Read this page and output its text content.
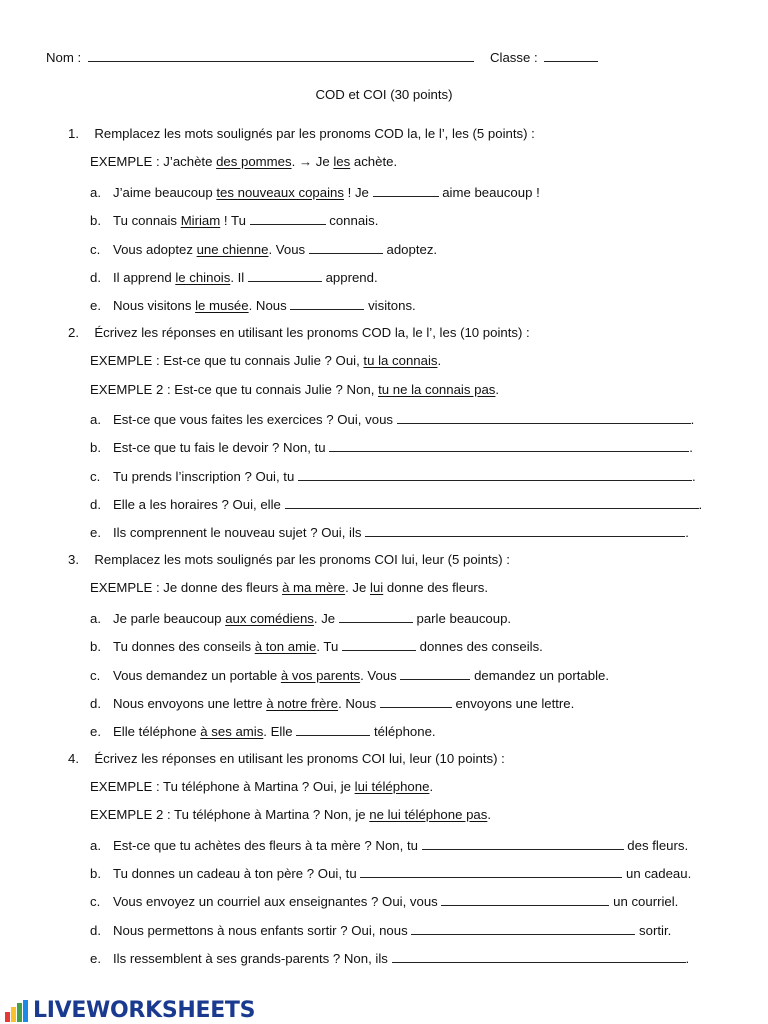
Nom :	Classe :
COD et COI (30 points)
1. Remplacez les mots soulignés par les pronoms COD la, le l’, les (5 points) :
EXEMPLE : J’achète des pommes. → Je les achète.
a. J’aime beaucoup tes nouveaux copains ! Je	aime beaucoup !
b. Tu connais Miriam ! Tu	connais.
c. Vous adoptez une chienne. Vous	adoptez.
d. Il apprend le chinois. Il	apprend.
e. Nous visitons le musée. Nous	visitons.
2. Écrivez les réponses en utilisant les pronoms COD la, le l’, les (10 points) :
EXEMPLE : Est-ce que tu connais Julie ? Oui, tu la connais.
EXEMPLE 2 : Est-ce que tu connais Julie ? Non, tu ne la connais pas.
a. Est-ce que vous faites les exercices ? Oui, vous	.
b. Est-ce que tu fais le devoir ? Non, tu	.
c. Tu prends l’inscription ? Oui, tu	.
d. Elle a les horaires ? Oui, elle	.
e. Ils comprennent le nouveau sujet ? Oui, ils	.
3. Remplacez les mots soulignés par les pronoms COI lui, leur (5 points) :
EXEMPLE : Je donne des fleurs à ma mère. Je lui donne des fleurs.
a. Je parle beaucoup aux comédiens. Je	parle beaucoup.
b. Tu donnes des conseils à ton amie. Tu	donnes des conseils.
c. Vous demandez un portable à vos parents. Vous	demandez un portable.
d. Nous envoyons une lettre à notre frère. Nous	envoyons une lettre.
e. Elle téléphone à ses amis. Elle	téléphone.
4. Écrivez les réponses en utilisant les pronoms COI lui, leur (10 points) :
EXEMPLE : Tu téléphone à Martina ? Oui, je lui téléphone.
EXEMPLE 2 : Tu téléphone à Martina ? Non, je ne lui téléphone pas.
a. Est-ce que tu achètes des fleurs à ta mère ? Non, tu	des fleurs.
b. Tu donnes un cadeau à ton père ? Oui, tu	un cadeau.
c. Vous envoyez un courriel aux enseignantes ? Oui, vous	un courriel.
d. Nous permettons à nous enfants sortir ? Oui, nous	sortir.
e. Ils ressemblent à ses grands-parents ? Non, ils	.
LIVEWORKSHEETS
